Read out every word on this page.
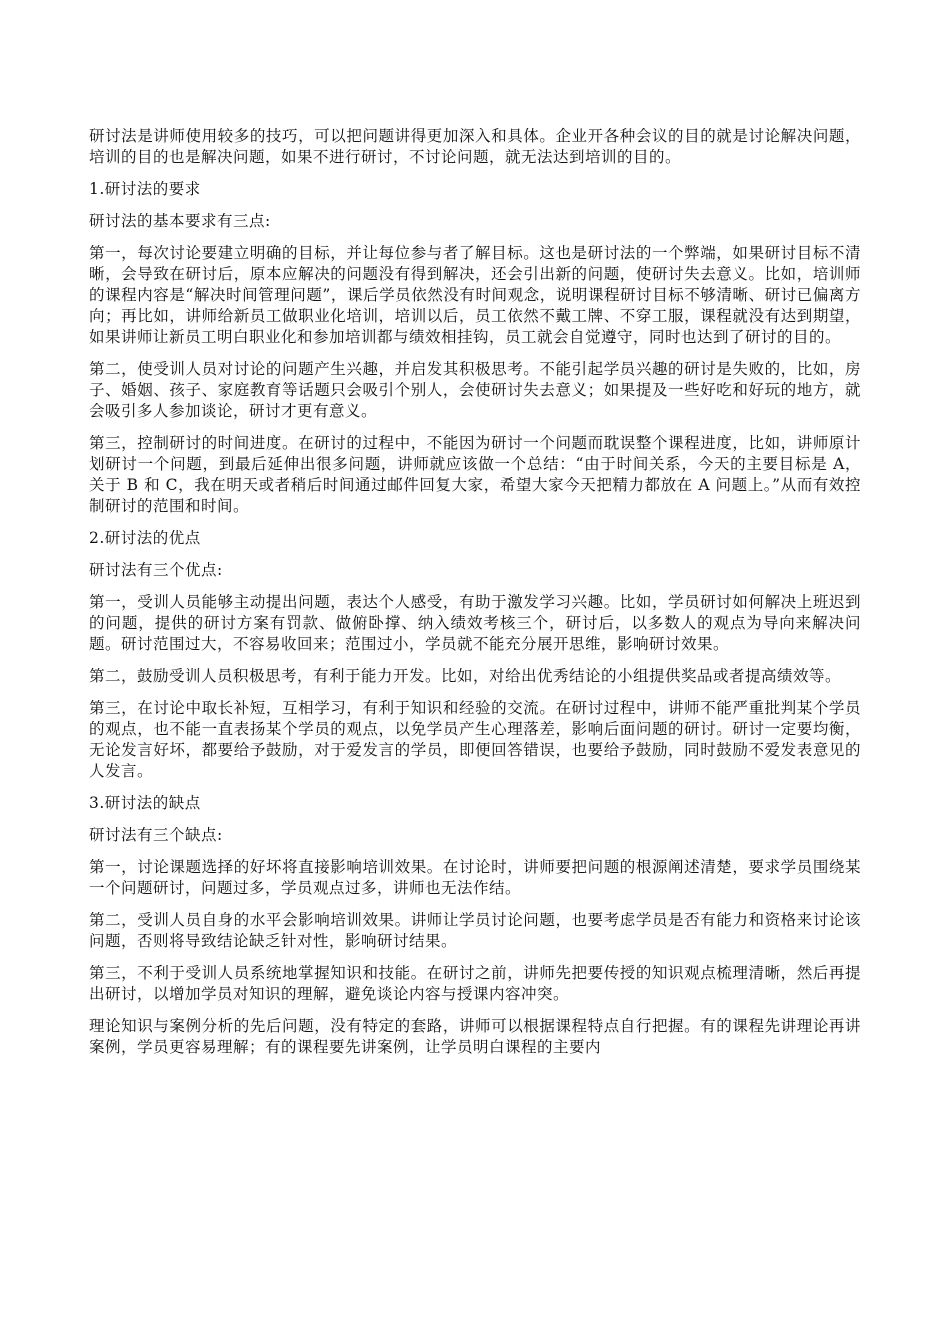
研讨法是讲师使用较多的技巧，可以把问题讲得更加深入和具体。企业开各种会议的目的就是讨论解决问题，培训的目的也是解决问题，如果不进行研讨，不讨论问题，就无法达到培训的目的。

1.研讨法的要求

研讨法的基本要求有三点:

第一，每次讨论要建立明确的目标，并让每位参与者了解目标。这也是研讨法的一个弊端，如果研讨目标不清晰，会导致在研讨后，原本应解决的问题没有得到解决，还会引出新的问题，使研讨失去意义。比如，培训师的课程内容是“解决时间管理问题”，课后学员依然没有时间观念，说明课程研讨目标不够清晰、研讨已偏离方向；再比如，讲师给新员工做职业化培训，培训以后，员工依然不戴工牌、不穿工服，课程就没有达到期望，如果讲师让新员工明白职业化和参加培训都与绩效相挂钩，员工就会自觉遵守，同时也达到了研讨的目的。

第二，使受训人员对讨论的问题产生兴趣，并启发其积极思考。不能引起学员兴趣的研讨是失败的，比如，房子、婚姻、孩子、家庭教育等话题只会吸引个别人，会使研讨失去意义；如果提及一些好吃和好玩的地方，就会吸引多人参加谈论，研讨才更有意义。

第三，控制研讨的时间进度。在研讨的过程中，不能因为研讨一个问题而耽误整个课程进度，比如，讲师原计划研讨一个问题，到最后延伸出很多问题，讲师就应该做一个总结：“由于时间关系，今天的主要目标是 A，关于 B 和 C，我在明天或者稍后时间通过邮件回复大家，希望大家今天把精力都放在 A 问题上。”从而有效控制研讨的范围和时间。

2.研讨法的优点

研讨法有三个优点:

第一，受训人员能够主动提出问题，表达个人感受，有助于激发学习兴趣。比如，学员研讨如何解决上班迟到的问题，提供的研讨方案有罚款、做俯卧撑、纳入绩效考核三个，研讨后，以多数人的观点为导向来解决问题。研讨范围过大，不容易收回来；范围过小，学员就不能充分展开思维，影响研讨效果。

第二，鼓励受训人员积极思考，有利于能力开发。比如，对给出优秀结论的小组提供奖品或者提高绩效等。

第三，在讨论中取长补短，互相学习，有利于知识和经验的交流。在研讨过程中，讲师不能严重批判某个学员的观点，也不能一直表扬某个学员的观点，以免学员产生心理落差，影响后面问题的研讨。研讨一定要均衡，无论发言好坏，都要给予鼓励，对于爱发言的学员，即便回答错误，也要给予鼓励，同时鼓励不爱发表意见的人发言。

3.研讨法的缺点

研讨法有三个缺点:

第一，讨论课题选择的好坏将直接影响培训效果。在讨论时，讲师要把问题的根源阐述清楚，要求学员围绕某一个问题研讨，问题过多，学员观点过多，讲师也无法作结。

第二，受训人员自身的水平会影响培训效果。讲师让学员讨论问题，也要考虑学员是否有能力和资格来讨论该问题，否则将导致结论缺乏针对性，影响研讨结果。

第三，不利于受训人员系统地掌握知识和技能。在研讨之前，讲师先把要传授的知识观点梳理清晰，然后再提出研讨，以增加学员对知识的理解，避免谈论内容与授课内容冲突。

理论知识与案例分析的先后问题，没有特定的套路，讲师可以根据课程特点自行把握。有的课程先讲理论再讲案例，学员更容易理解；有的课程要先讲案例，让学员明白课程的主要内
